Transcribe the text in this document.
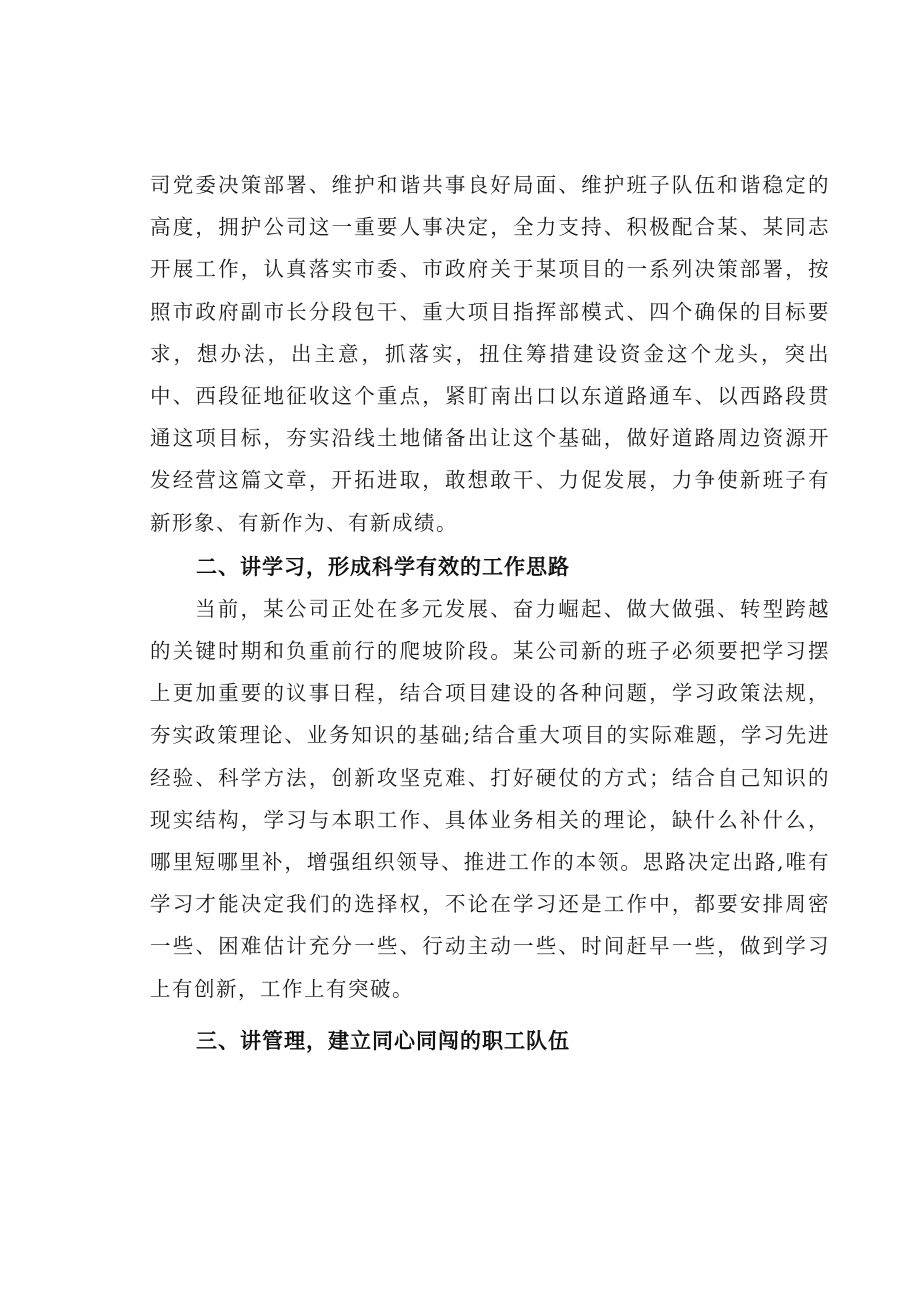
司党委决策部署、维护和谐共事良好局面、维护班子队伍和谐稳定的高度，拥护公司这一重要人事决定，全力支持、积极配合某、某同志开展工作，认真落实市委、市政府关于某项目的一系列决策部署，按照市政府副市长分段包干、重大项目指挥部模式、四个确保的目标要求，想办法，出主意，抓落实，扭住筹措建设资金这个龙头，突出中、西段征地征收这个重点，紧盯南出口以东道路通车、以西路段贯通这项目标，夯实沿线土地储备出让这个基础，做好道路周边资源开发经营这篇文章，开拓进取，敢想敢干、力促发展，力争使新班子有新形象、有新作为、有新成绩。

二、讲学习，形成科学有效的工作思路

当前，某公司正处在多元发展、奋力崛起、做大做强、转型跨越的关键时期和负重前行的爬坡阶段。某公司新的班子必须要把学习摆上更加重要的议事日程，结合项目建设的各种问题，学习政策法规，夯实政策理论、业务知识的基础;结合重大项目的实际难题，学习先进经验、科学方法，创新攻坚克难、打好硬仗的方式；结合自己知识的现实结构，学习与本职工作、具体业务相关的理论，缺什么补什么，哪里短哪里补，增强组织领导、推进工作的本领。思路决定出路,唯有学习才能决定我们的选择权，不论在学习还是工作中，都要安排周密一些、困难估计充分一些、行动主动一些、时间赶早一些，做到学习上有创新，工作上有突破。

三、讲管理，建立同心同闯的职工队伍
